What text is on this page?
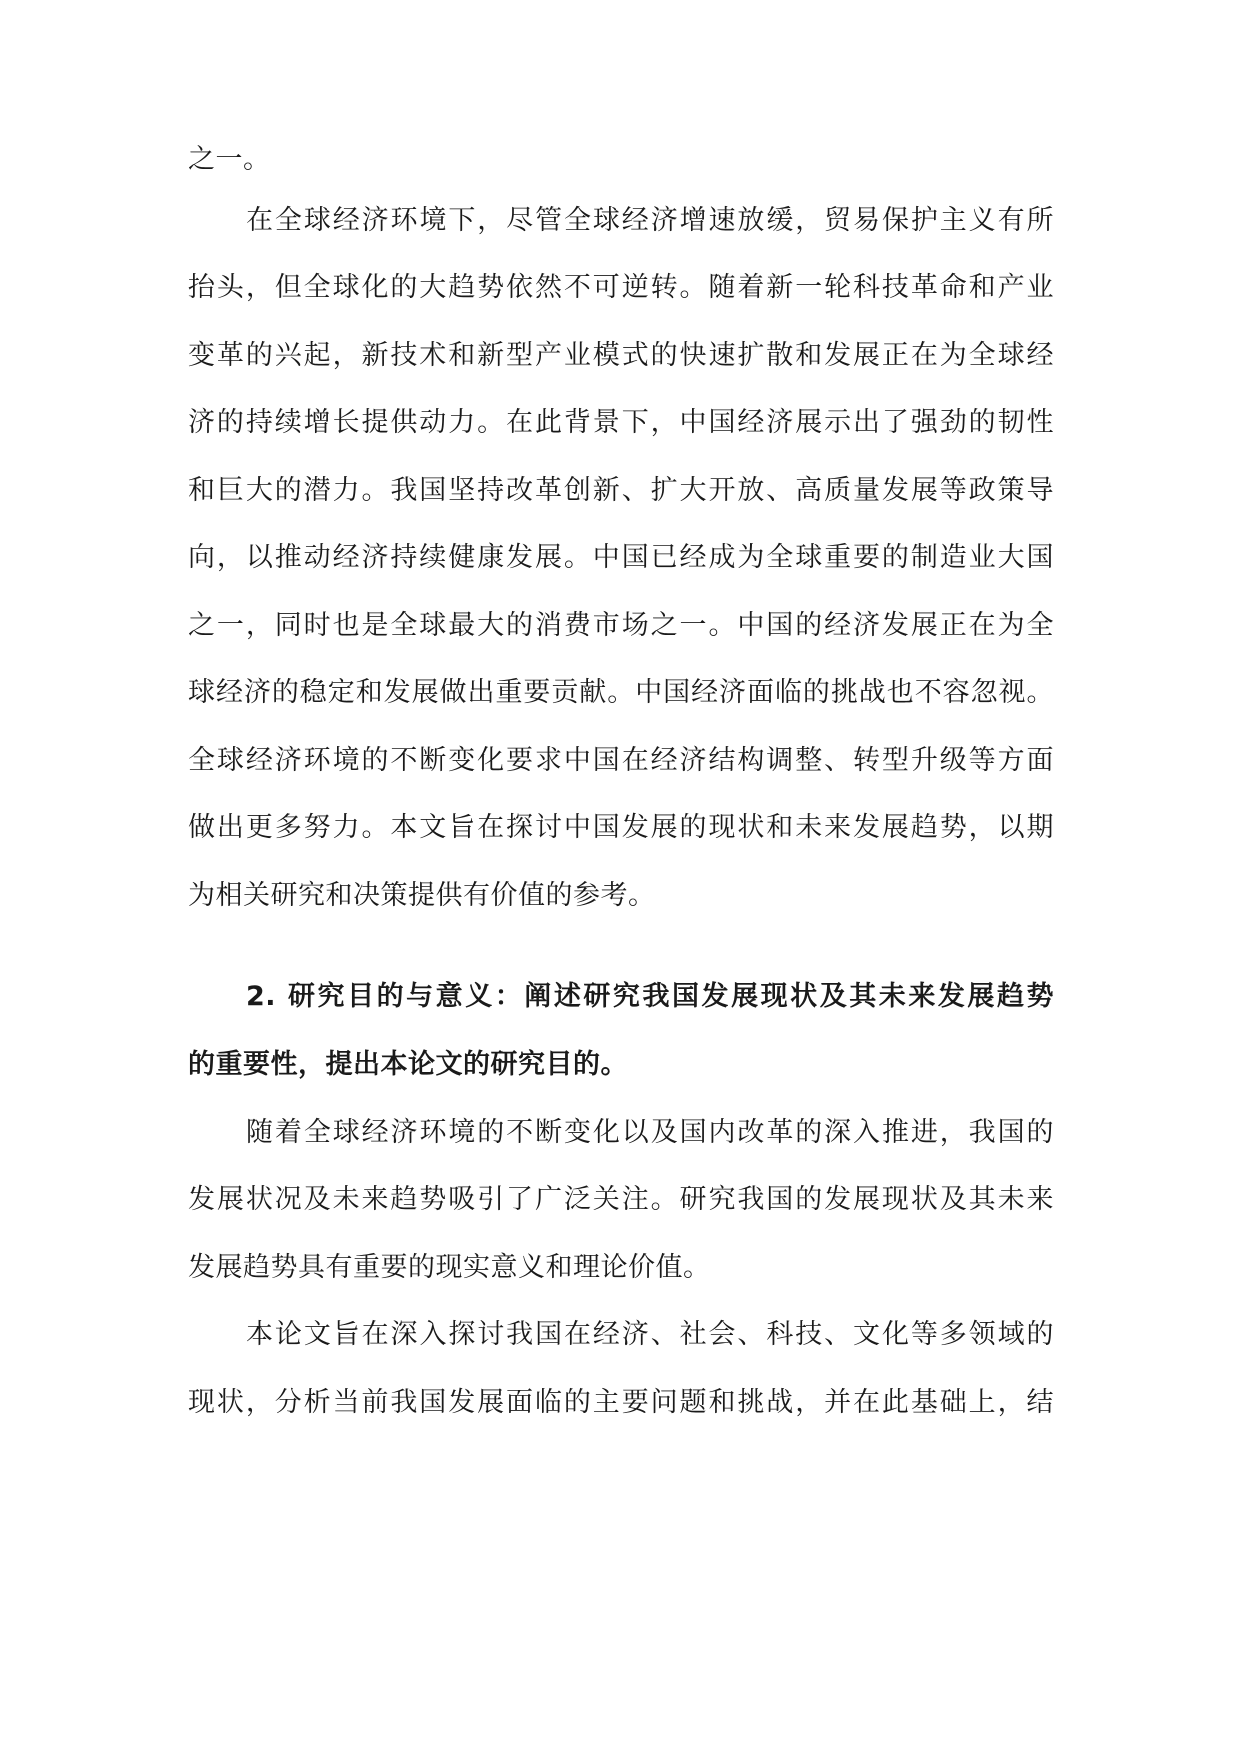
之一。
在全球经济环境下，尽管全球经济增速放缓，贸易保护主义有所
抬头，但全球化的大趋势依然不可逆转。随着新一轮科技革命和产业
变革的兴起，新技术和新型产业模式的快速扩散和发展正在为全球经
济的持续增长提供动力。在此背景下，中国经济展示出了强劲的韧性
和巨大的潜力。我国坚持改革创新、扩大开放、高质量发展等政策导
向，以推动经济持续健康发展。中国已经成为全球重要的制造业大国
之一，同时也是全球最大的消费市场之一。中国的经济发展正在为全
球经济的稳定和发展做出重要贡献。中国经济面临的挑战也不容忽视。
全球经济环境的不断变化要求中国在经济结构调整、转型升级等方面
做出更多努力。本文旨在探讨中国发展的现状和未来发展趋势，以期
为相关研究和决策提供有价值的参考。
2. 研究目的与意义：阐述研究我国发展现状及其未来发展趋势
的重要性，提出本论文的研究目的。
随着全球经济环境的不断变化以及国内改革的深入推进，我国的
发展状况及未来趋势吸引了广泛关注。研究我国的发展现状及其未来
发展趋势具有重要的现实意义和理论价值。
本论文旨在深入探讨我国在经济、社会、科技、文化等多领域的
现状，分析当前我国发展面临的主要问题和挑战，并在此基础上，结
